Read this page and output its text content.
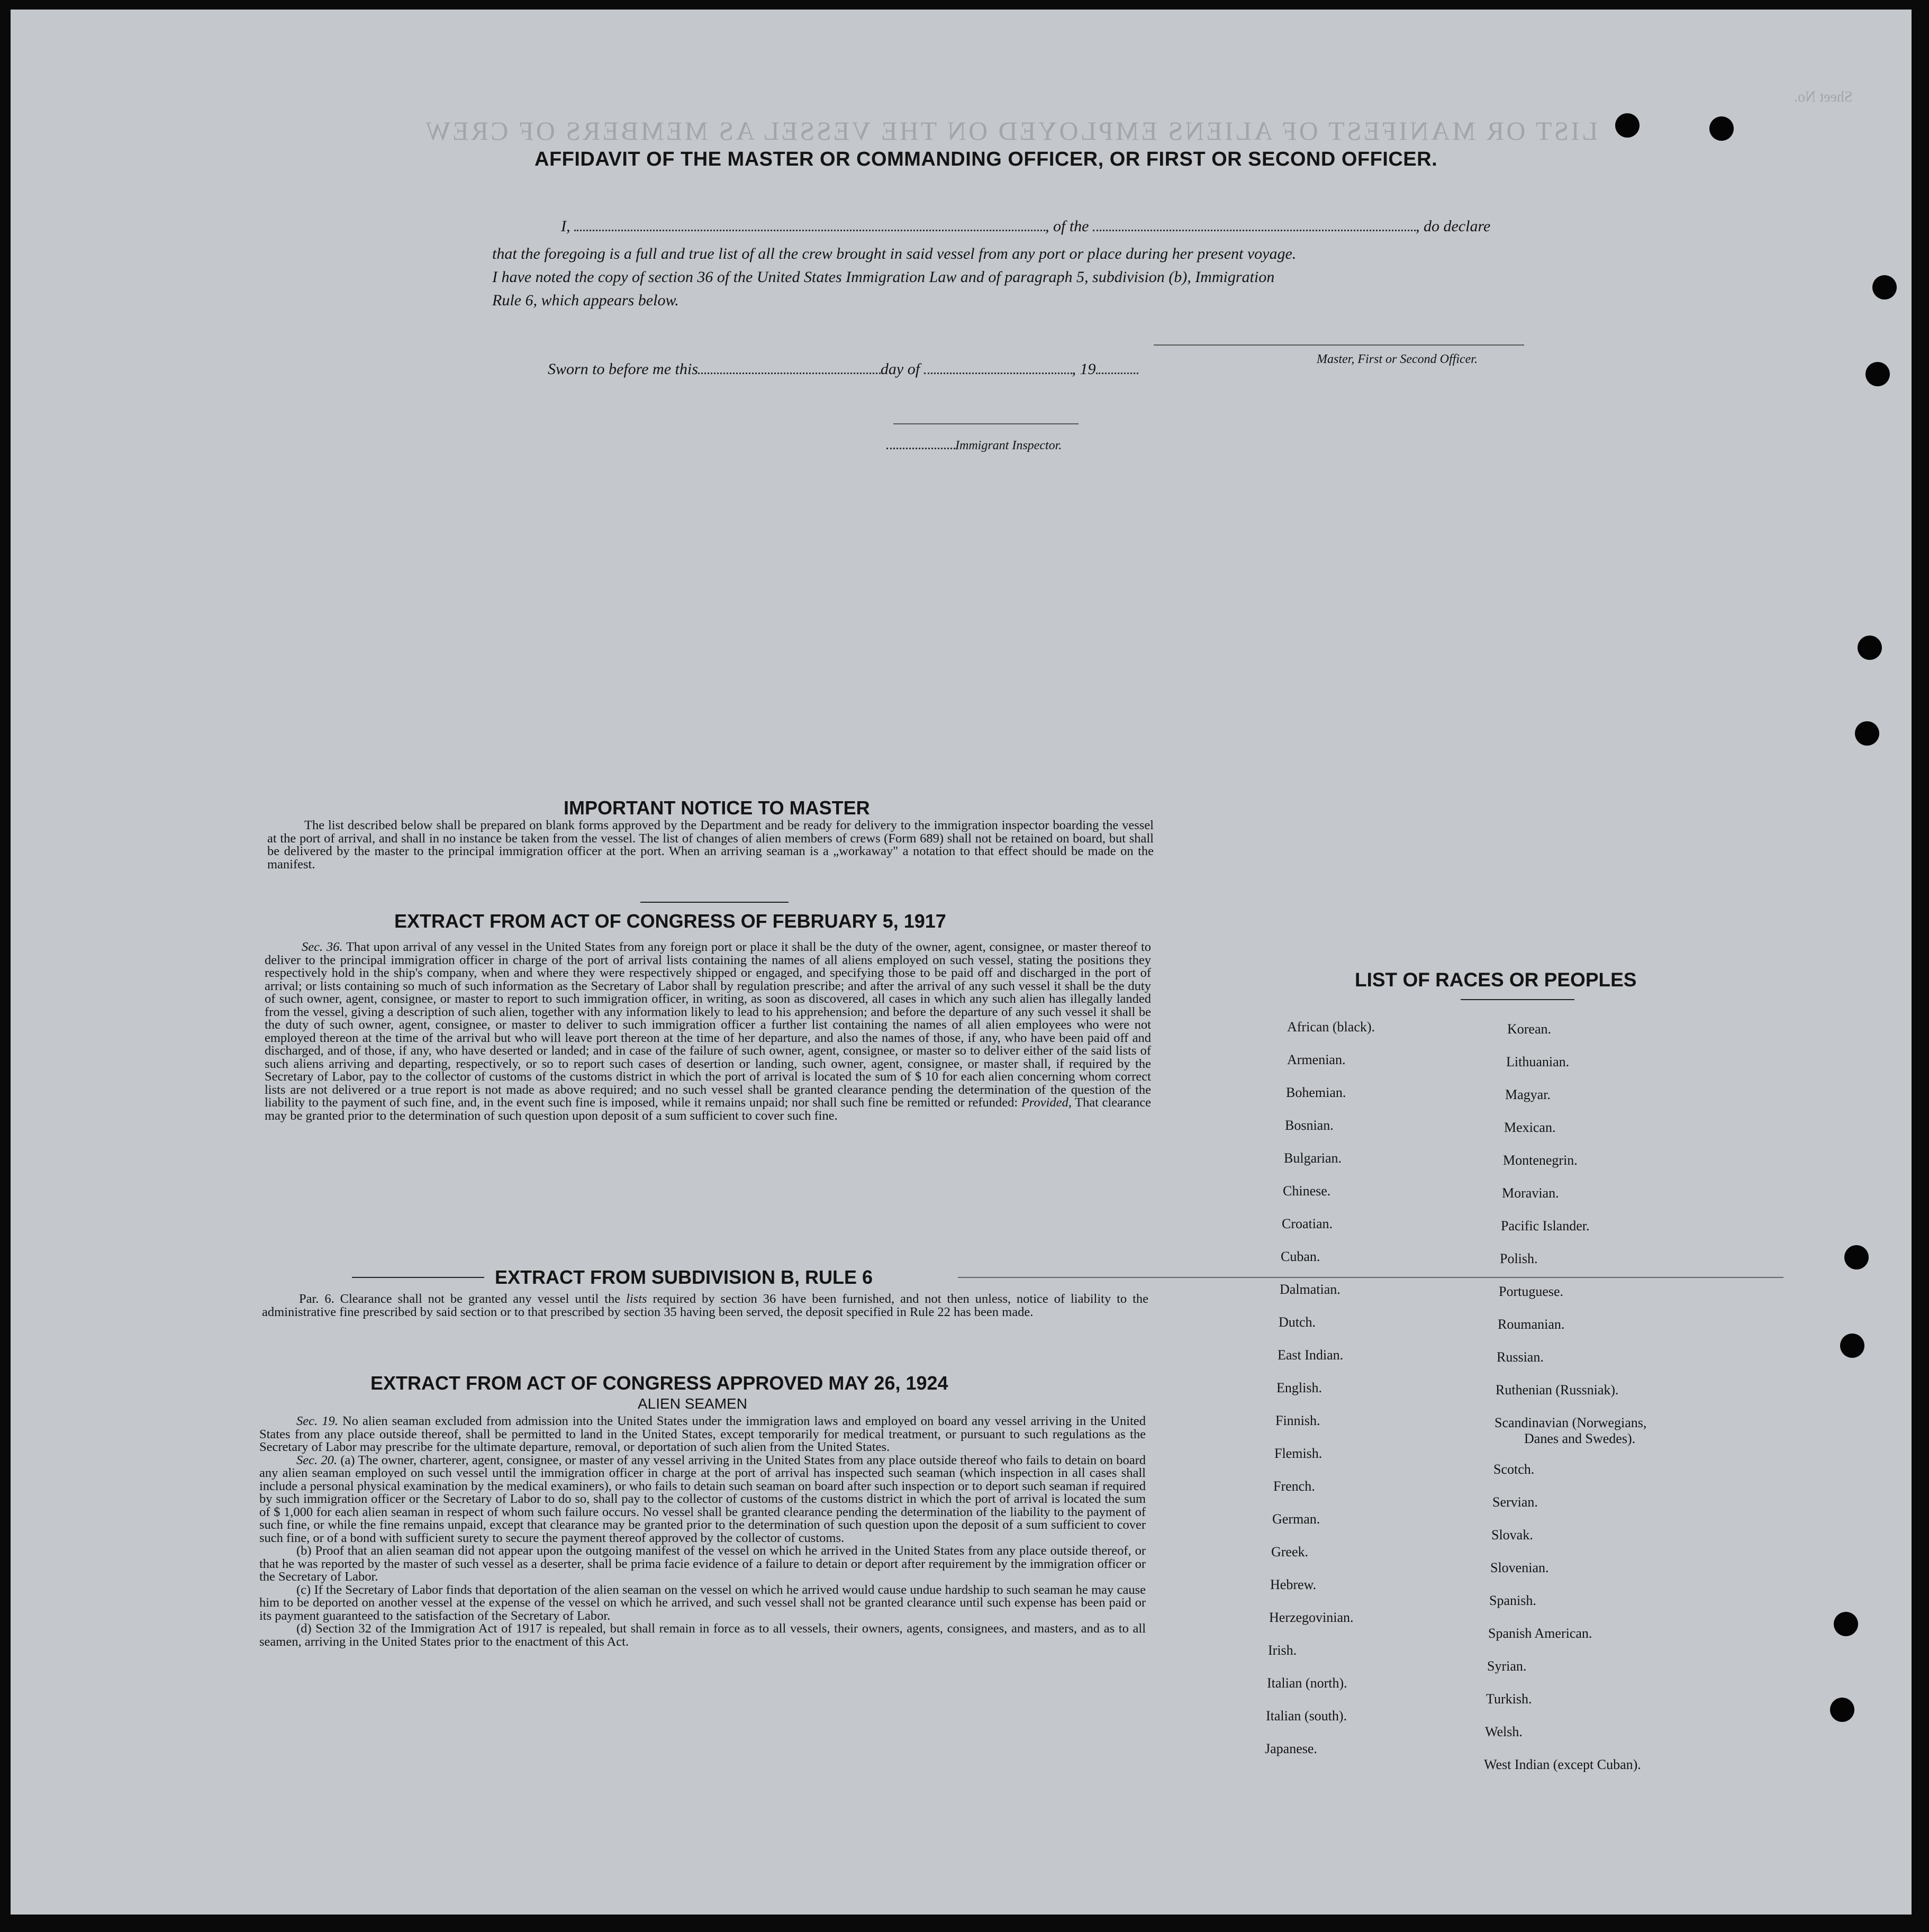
LIST OR MANIFEST OF ALIENS EMPLOYED ON THE VESSEL AS MEMBERS OF CREW
Sheet No.
AFFIDAVIT OF THE MASTER OR COMMANDING OFFICER, OR FIRST OR SECOND OFFICER.
I,	, of the	, do declare
that the foregoing is a full and true list of all the crew brought in said vessel from any port or place during her present voyage.
I have noted the copy of section 36 of the United States Immigration Law and of paragraph 5, subdivision (b), Immigration
Rule 6, which appears below.
Master, First or Second Officer.
Sworn to before me this	day of	, 19
Immigrant Inspector.
IMPORTANT NOTICE TO MASTER

The list described below shall be prepared on blank forms approved by the Department and be ready for delivery to the immigration inspector boarding the vessel at the port of arrival, and shall in no instance be taken from the vessel. The list of changes of alien members of crews (Form 689) shall not be retained on board, but shall be delivered by the master to the principal immigration officer at the port. When an arriving seaman is a „workaway" a notation to that effect should be made on the manifest.

EXTRACT FROM ACT OF CONGRESS OF FEBRUARY 5, 1917

Sec. 36. That upon arrival of any vessel in the United States from any foreign port or place it shall be the duty of the owner, agent, consignee, or master thereof to deliver to the principal immigration officer in charge of the port of arrival lists containing the names of all aliens employed on such vessel, stating the positions they respectively hold in the ship's company, when and where they were respectively shipped or engaged, and specifying those to be paid off and discharged in the port of arrival; or lists containing so much of such information as the Secretary of Labor shall by regulation prescribe; and after the arrival of any such vessel it shall be the duty of such owner, agent, consignee, or master to report to such immigration officer, in writing, as soon as discovered, all cases in which any such alien has illegally landed from the vessel, giving a description of such alien, together with any information likely to lead to his apprehension; and before the departure of any such vessel it shall be the duty of such owner, agent, consignee, or master to deliver to such immigration officer a further list containing the names of all alien employees who were not employed thereon at the time of the arrival but who will leave port thereon at the time of her departure, and also the names of those, if any, who have been paid off and discharged, and of those, if any, who have deserted or landed; and in case of the failure of such owner, agent, consignee, or master so to deliver either of the said lists of such aliens arriving and departing, respectively, or so to report such cases of desertion or landing, such owner, agent, consignee, or master shall, if required by the Secretary of Labor, pay to the collector of customs of the customs district in which the port of arrival is located the sum of $ 10 for each alien concerning whom correct lists are not delivered or a true report is not made as above required; and no such vessel shall be granted clearance pending the determination of the question of the liability to the payment of such fine, and, in the event such fine is imposed, while it remains unpaid; nor shall such fine be remitted or refunded: Provided, That clearance may be granted prior to the determination of such question upon deposit of a sum sufficient to cover such fine.

EXTRACT FROM SUBDIVISION B, RULE 6

Par. 6. Clearance shall not be granted any vessel until the lists required by section 36 have been furnished, and not then unless, notice of liability to the administrative fine prescribed by said section or to that prescribed by section 35 having been served, the deposit specified in Rule 22 has been made.

EXTRACT FROM ACT OF CONGRESS APPROVED MAY 26, 1924
ALIEN SEAMEN

Sec. 19. No alien seaman excluded from admission into the United States under the immigration laws and employed on board any vessel arriving in the United States from any place outside thereof, shall be permitted to land in the United States, except temporarily for medical treatment, or pursuant to such regulations as the Secretary of Labor may prescribe for the ultimate departure, removal, or deportation of such alien from the United States.

Sec. 20. (a) The owner, charterer, agent, consignee, or master of any vessel arriving in the United States from any place outside thereof who fails to detain on board any alien seaman employed on such vessel until the immigration officer in charge at the port of arrival has inspected such seaman (which inspection in all cases shall include a personal physical examination by the medical examiners), or who fails to detain such seaman on board after such inspection or to deport such seaman if required by such immigration officer or the Secretary of Labor to do so, shall pay to the collector of customs of the customs district in which the port of arrival is located the sum of $ 1,000 for each alien seaman in respect of whom such failure occurs. No vessel shall be granted clearance pending the determination of the liability to the payment of such fine, or while the fine remains unpaid, except that clearance may be granted prior to the determination of such question upon the deposit of a sum sufficient to cover such fine, or of a bond with sufficient surety to secure the payment thereof approved by the collector of customs.

(b) Proof that an alien seaman did not appear upon the outgoing manifest of the vessel on which he arrived in the United States from any place outside thereof, or that he was reported by the master of such vessel as a deserter, shall be prima facie evidence of a failure to detain or deport after requirement by the immigration officer or the Secretary of Labor.

(c) If the Secretary of Labor finds that deportation of the alien seaman on the vessel on which he arrived would cause undue hardship to such seaman he may cause him to be deported on another vessel at the expense of the vessel on which he arrived, and such vessel shall not be granted clearance until such expense has been paid or its payment guaranteed to the satisfaction of the Secretary of Labor.

(d) Section 32 of the Immigration Act of 1917 is repealed, but shall remain in force as to all vessels, their owners, agents, consignees, and masters, and as to all seamen, arriving in the United States prior to the enactment of this Act.

LIST OF RACES OR PEOPLES
African (black).
Armenian.
Bohemian.
Bosnian.
Bulgarian.
Chinese.
Croatian.
Cuban.
Dalmatian.
Dutch.
East Indian.
English.
Finnish.
Flemish.
French.
German.
Greek.
Hebrew.
Herzegovinian.
Irish.
Italian (north).
Italian (south).
Japanese.
Korean.
Lithuanian.
Magyar.
Mexican.
Montenegrin.
Moravian.
Pacific Islander.
Polish.
Portuguese.
Roumanian.
Russian.
Ruthenian (Russniak).
Scandinavian (Norwegians,
Danes and Swedes).
Scotch.
Servian.
Slovak.
Slovenian.
Spanish.
Spanish American.
Syrian.
Turkish.
Welsh.
West Indian (except Cuban).
